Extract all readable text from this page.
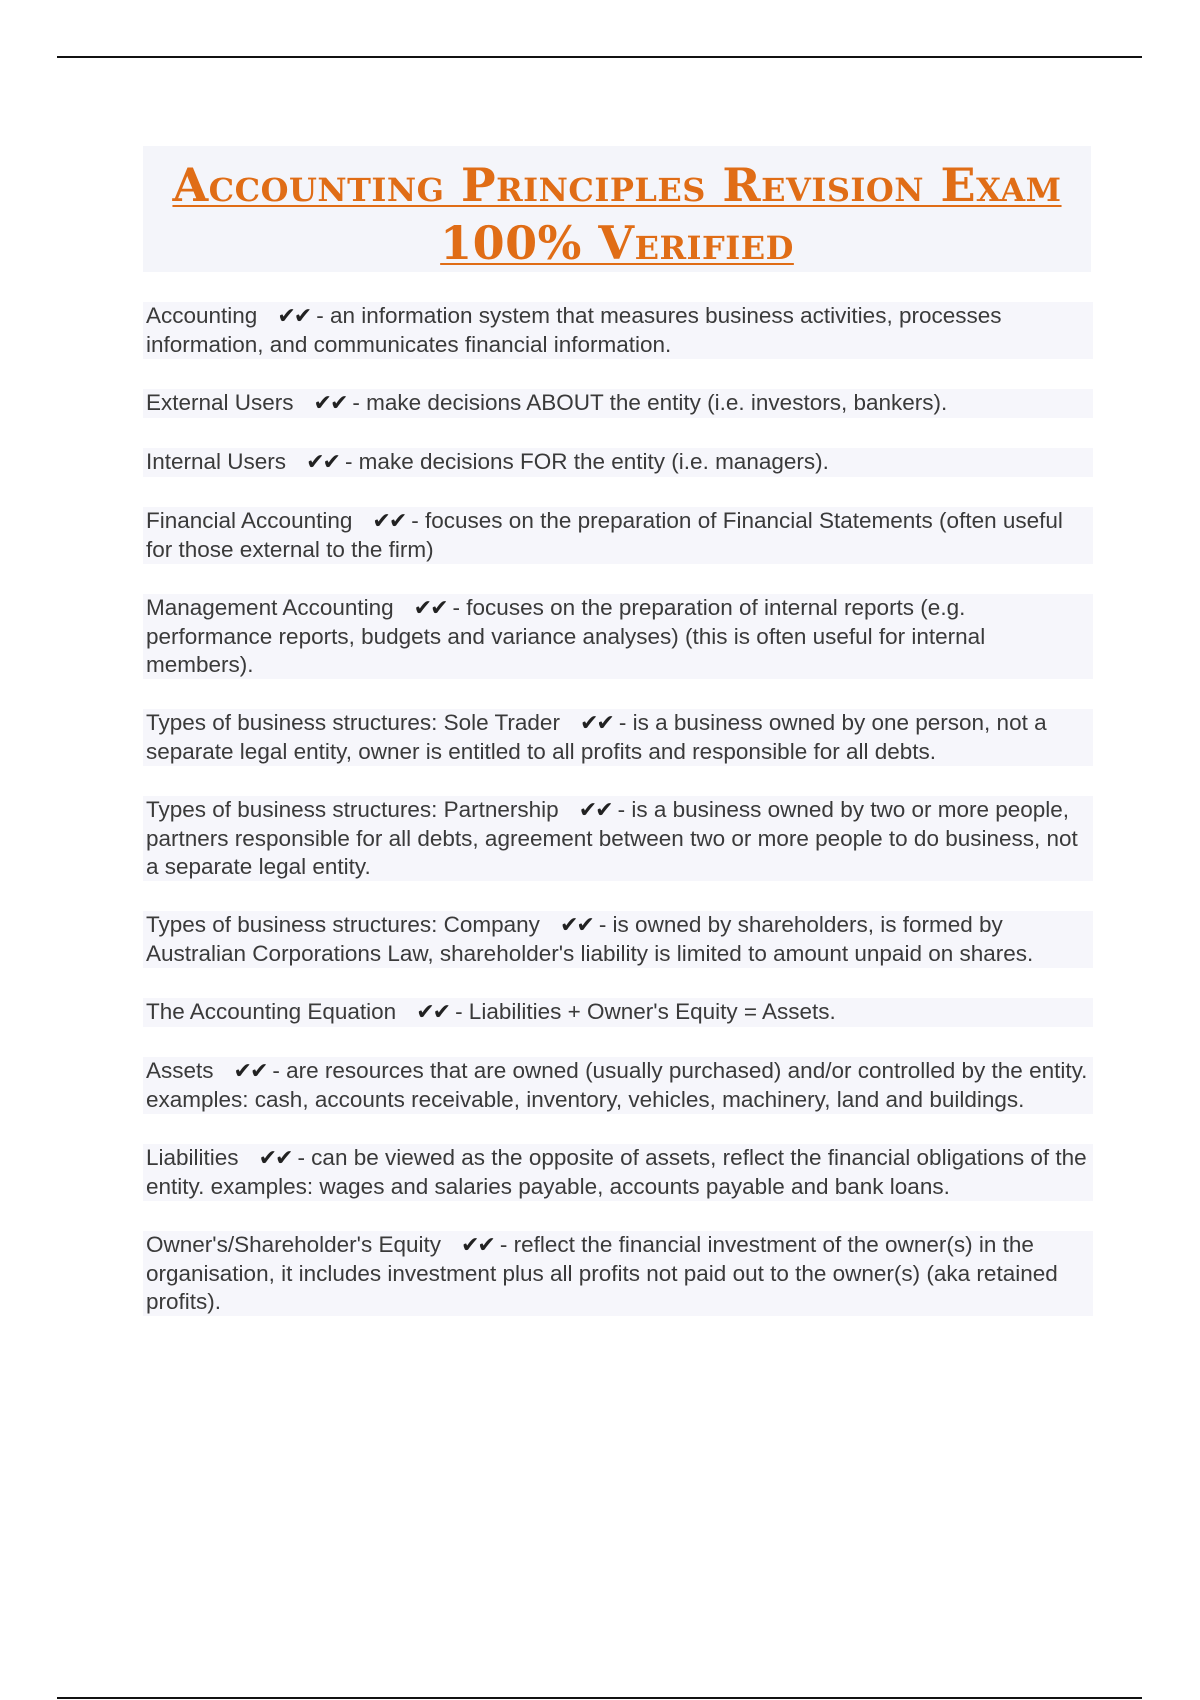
Accounting Principles Revision Exam
100% Verified

Accounting ✔✔ - an information system that measures business activities, processes information, and communicates financial information.

External Users ✔✔ - make decisions ABOUT the entity (i.e. investors, bankers).

Internal Users ✔✔ - make decisions FOR the entity (i.e. managers).

Financial Accounting ✔✔ - focuses on the preparation of Financial Statements (often useful for those external to the firm)

Management Accounting ✔✔ - focuses on the preparation of internal reports (e.g. performance reports, budgets and variance analyses) (this is often useful for internal members).

Types of business structures: Sole Trader ✔✔ - is a business owned by one person, not a separate legal entity, owner is entitled to all profits and responsible for all debts.

Types of business structures: Partnership ✔✔ - is a business owned by two or more people, partners responsible for all debts, agreement between two or more people to do business, not a separate legal entity.

Types of business structures: Company ✔✔ - is owned by shareholders, is formed by Australian Corporations Law, shareholder's liability is limited to amount unpaid on shares.

The Accounting Equation ✔✔ - Liabilities + Owner's Equity = Assets.

Assets ✔✔ - are resources that are owned (usually purchased) and/or controlled by the entity. examples: cash, accounts receivable, inventory, vehicles, machinery, land and buildings.

Liabilities ✔✔ - can be viewed as the opposite of assets, reflect the financial obligations of the entity. examples: wages and salaries payable, accounts payable and bank loans.

Owner's/Shareholder's Equity ✔✔ - reflect the financial investment of the owner(s) in the organisation, it includes investment plus all profits not paid out to the owner(s) (aka retained profits).
